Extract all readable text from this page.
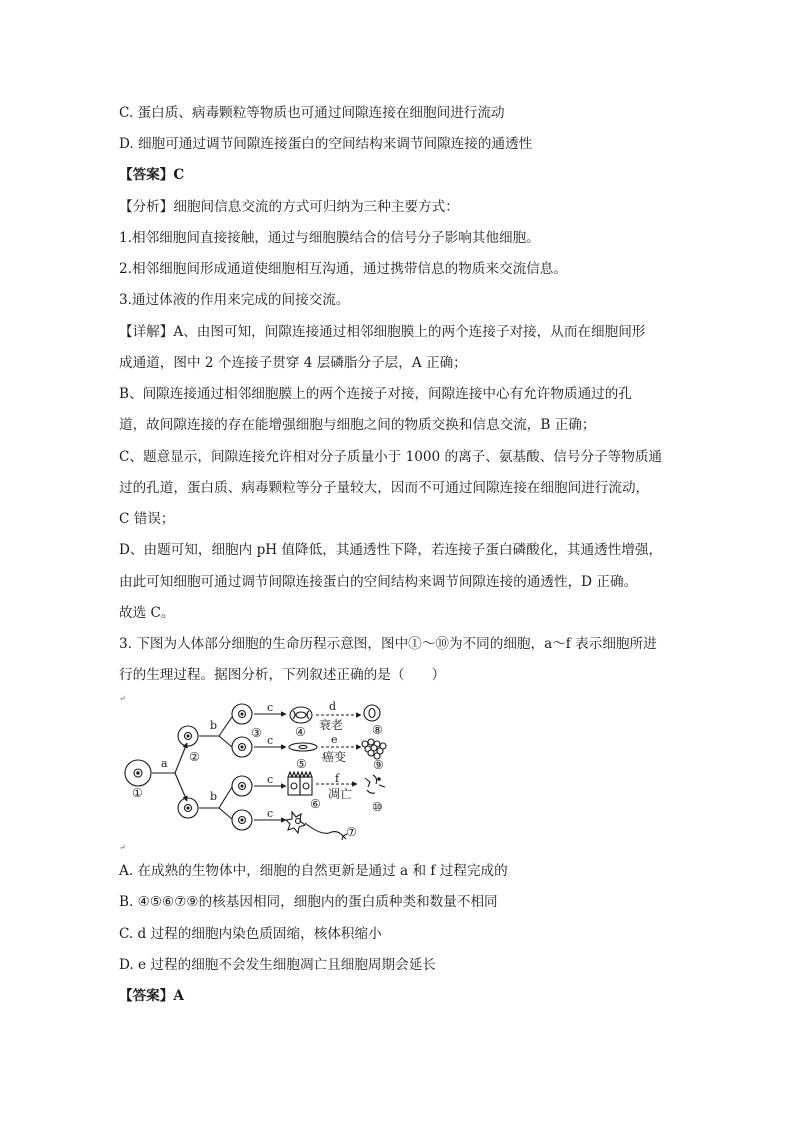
C. 蛋白质、病毒颗粒等物质也可通过间隙连接在细胞间进行流动
D. 细胞可通过调节间隙连接蛋白的空间结构来调节间隙连接的通透性
【答案】C
【分析】细胞间信息交流的方式可归纳为三种主要方式：
1.相邻细胞间直接接触，通过与细胞膜结合的信号分子影响其他细胞。
2.相邻细胞间形成通道使细胞相互沟通，通过携带信息的物质来交流信息。
3.通过体液的作用来完成的间接交流。
【详解】A、由图可知，间隙连接通过相邻细胞膜上的两个连接子对接，从而在细胞间形
成通道，图中 2 个连接子贯穿 4 层磷脂分子层，A 正确；
B、间隙连接通过相邻细胞膜上的两个连接子对接，间隙连接中心有允许物质通过的孔
道，故间隙连接的存在能增强细胞与细胞之间的物质交换和信息交流，B 正确；
C、题意显示，间隙连接允许相对分子质量小于 1000 的离子、氨基酸、信号分子等物质通
过的孔道，蛋白质、病毒颗粒等分子量较大，因而不可通过间隙连接在细胞间进行流动，
C 错误；
D、由题可知，细胞内 pH 值降低，其通透性下降，若连接子蛋白磷酸化，其通透性增强，
由此可知细胞可通过调节间隙连接蛋白的空间结构来调节间隙连接的通透性，D 正确。
故选 C。
3. 下图为人体部分细胞的生命历程示意图，图中①～⑩为不同的细胞，a～f 表示细胞所进
行的生理过程。据图分析，下列叙述正确的是（　　）
↵
a
b
b
c
c
c
c
d
e
f
衰老
癌变
凋亡
①
②
③	④
⑤
⑥
⑦
⑧
⑨
⑩
↵
A. 在成熟的生物体中，细胞的自然更新是通过 a 和 f 过程完成的
B. ④⑤⑥⑦⑨的核基因相同，细胞内的蛋白质种类和数量不相同
C. d 过程的细胞内染色质固缩，核体积缩小
D. e 过程的细胞不会发生细胞凋亡且细胞周期会延长
【答案】A
